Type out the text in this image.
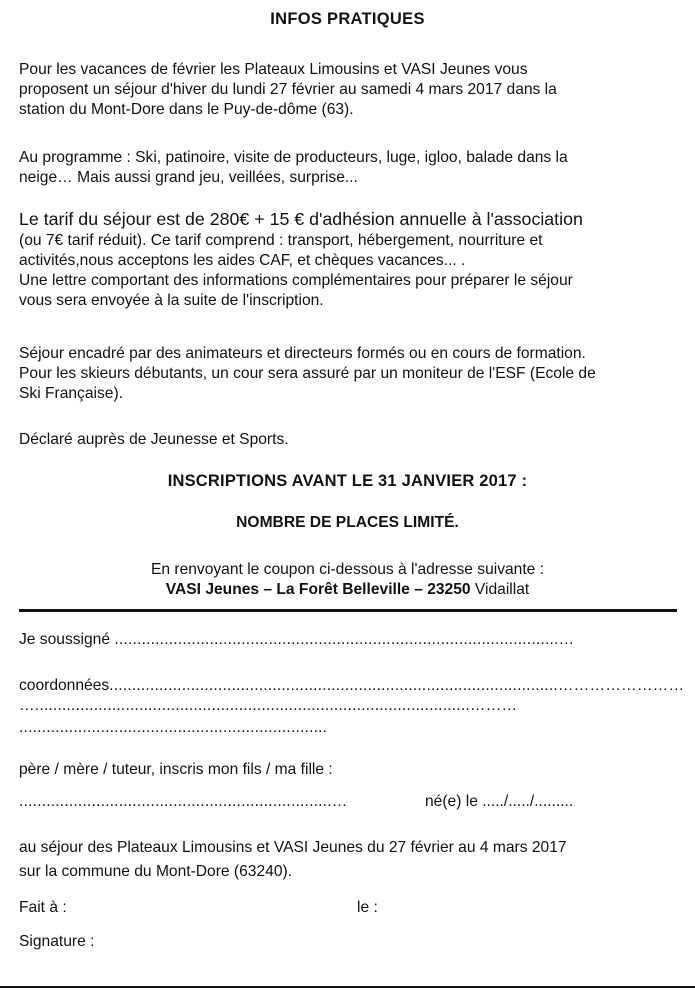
INFOS PRATIQUES

Pour les vacances de février les Plateaux Limousins et VASI Jeunes vous

proposent un séjour d'hiver du lundi 27 février au samedi 4 mars 2017 dans la

station du Mont-Dore dans le Puy-de-dôme (63).

Au programme : Ski, patinoire, visite de producteurs, luge, igloo, balade dans la

neige… Mais aussi grand jeu, veillées, surprise...

Le tarif du séjour est de 280€ + 15 € d'adhésion annuelle à l'association

(ou 7€ tarif réduit). Ce tarif comprend : transport, hébergement, nourriture et

activités,nous acceptons les aides CAF, et chèques vacances... .

Une lettre comportant des informations complémentaires pour préparer le séjour

vous sera envoyée à la suite de l'inscription.

Séjour encadré par des animateurs et directeurs formés ou en cours de formation.

Pour les skieurs débutants, un cour sera assuré par un moniteur de l'ESF (Ecole de

Ski Française).

Déclaré auprès de Jeunesse et Sports.

INSCRIPTIONS AVANT LE 31 JANVIER 2017 :
NOMBRE DE PLACES LIMITÉ.
En renvoyant le coupon ci-dessous à l'adresse suivante :
VASI Jeunes – La Forêt Belleville – 23250 Vidaillat
Je soussigné ..................................................................................................…
coordonnées...................................................................................................……………………
…................................................................................................………
....................................................................
père / mère / tuteur, inscris mon fils / ma fille :
.....................................................................…	né(e) le ...../...../.........
au séjour des Plateaux Limousins et VASI Jeunes du 27 février au 4 mars 2017
sur la commune du Mont-Dore (63240).
Fait à :	le :
Signature :
